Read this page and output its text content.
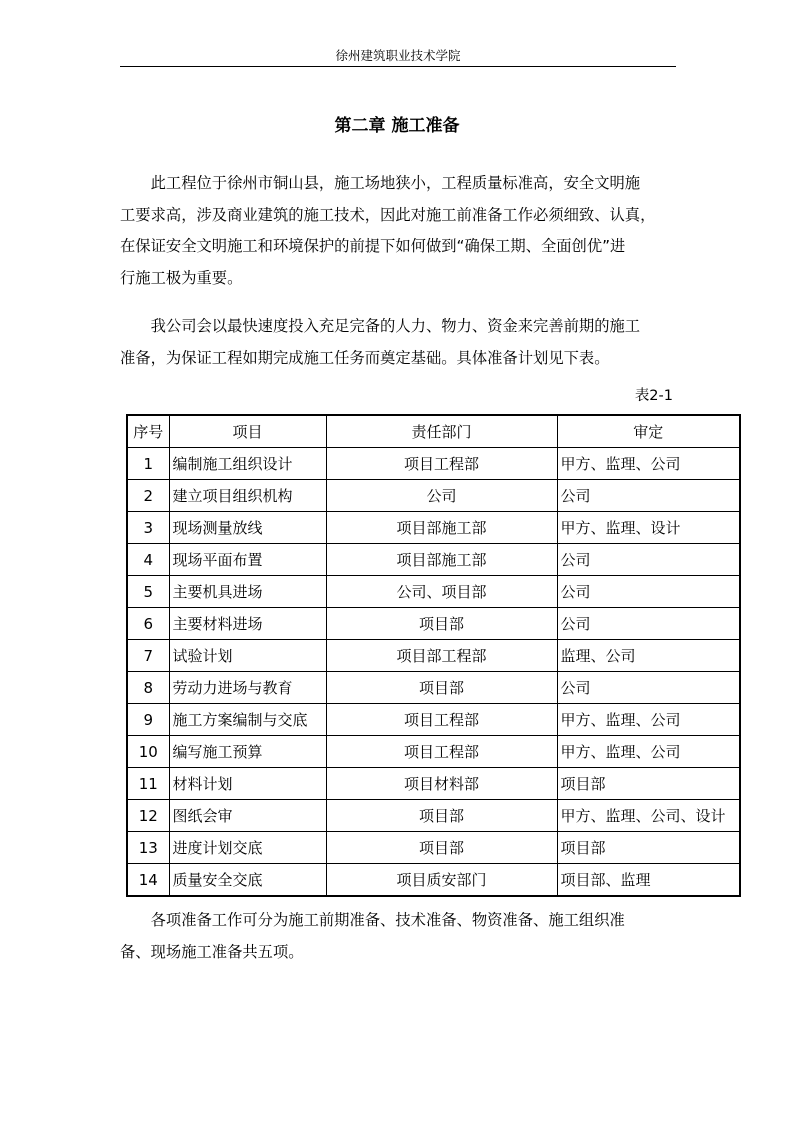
徐州建筑职业技术学院
第二章 施工准备
　　此工程位于徐州市铜山县，施工场地狭小，工程质量标准高，安全文明施
工要求高，涉及商业建筑的施工技术，因此对施工前准备工作必须细致、认真，
在保证安全文明施工和环境保护的前提下如何做到“确保工期、全面创优”进
行施工极为重要。
　　我公司会以最快速度投入充足完备的人力、物力、资金来完善前期的施工
准备，为保证工程如期完成施工任务而奠定基础。具体准备计划见下表。
表2-1
序号	项目	责任部门	审定
1	编制施工组织设计	项目工程部	甲方、监理、公司
2	建立项目组织机构	公司	公司
3	现场测量放线	项目部施工部	甲方、监理、设计
4	现场平面布置	项目部施工部	公司
5	主要机具进场	公司、项目部	公司
6	主要材料进场	项目部	公司
7	试验计划	项目部工程部	监理、公司
8	劳动力进场与教育	项目部	公司
9	施工方案编制与交底	项目工程部	甲方、监理、公司
10	编写施工预算	项目工程部	甲方、监理、公司
11	材料计划	项目材料部	项目部
12	图纸会审	项目部	甲方、监理、公司、设计
13	进度计划交底	项目部	项目部
14	质量安全交底	项目质安部门	项目部、监理
　　各项准备工作可分为施工前期准备、技术准备、物资准备、施工组织准
备、现场施工准备共五项。
